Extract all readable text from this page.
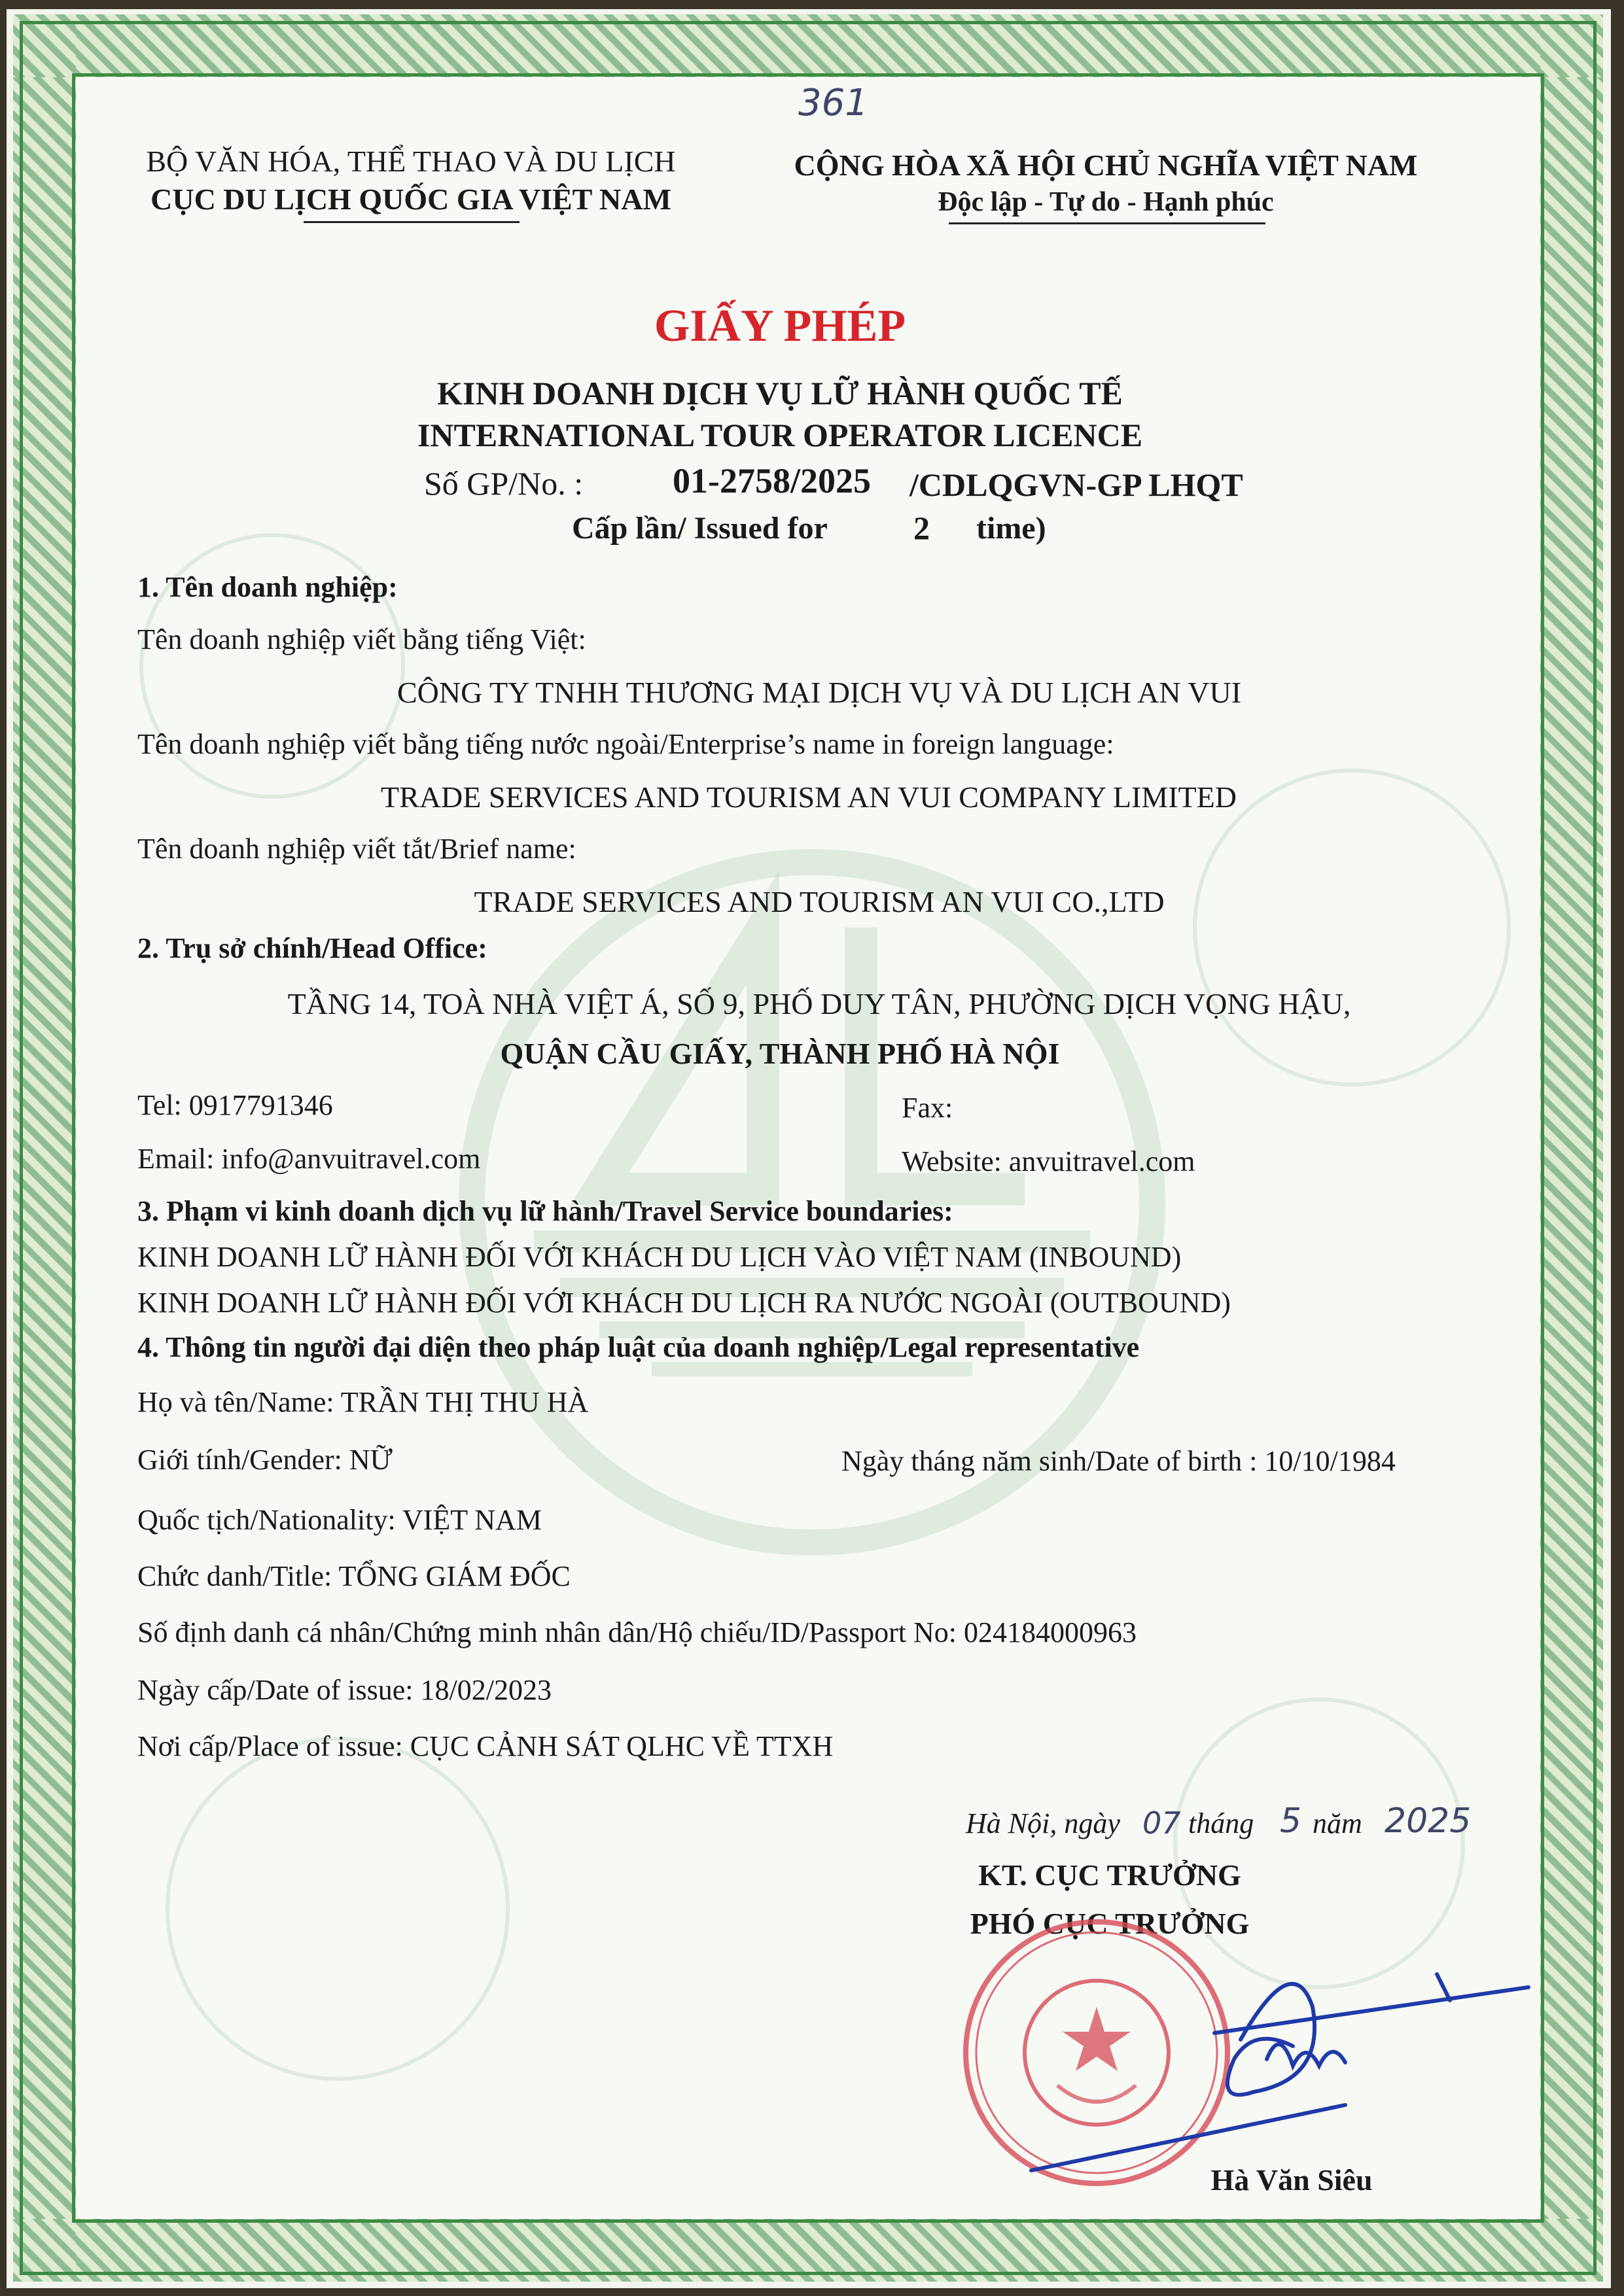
361
BỘ VĂN HÓA, THỂ THAO VÀ DU LỊCH
CỤC DU LỊCH QUỐC GIA VIỆT NAM
CỘNG HÒA XÃ HỘI CHỦ NGHĨA VIỆT NAM
Độc lập - Tự do - Hạnh phúc
GIẤY PHÉP
KINH DOANH DỊCH VỤ LỮ HÀNH QUỐC TẾ
INTERNATIONAL TOUR OPERATOR LICENCE
Số GP/No. :	01-2758/2025 /CDLQGVN-GP LHQT
Cấp lần/ Issued for	2 time)
1. Tên doanh nghiệp:
Tên doanh nghiệp viết bằng tiếng Việt:
CÔNG TY TNHH THƯƠNG MẠI DỊCH VỤ VÀ DU LỊCH AN VUI
Tên doanh nghiệp viết bằng tiếng nước ngoài/Enterprise’s name in foreign language:
TRADE SERVICES AND TOURISM AN VUI COMPANY LIMITED
Tên doanh nghiệp viết tắt/Brief name:
TRADE SERVICES AND TOURISM AN VUI CO.,LTD
2. Trụ sở chính/Head Office:
TẦNG 14, TOÀ NHÀ VIỆT Á, SỐ 9, PHỐ DUY TÂN, PHƯỜNG DỊCH VỌNG HẬU,
QUẬN CẦU GIẤY, THÀNH PHỐ HÀ NỘI
Tel: 0917791346	Fax:
Email: info@anvuitravel.com	Website: anvuitravel.com
3. Phạm vi kinh doanh dịch vụ lữ hành/Travel Service boundaries:
KINH DOANH LỮ HÀNH ĐỐI VỚI KHÁCH DU LỊCH VÀO VIỆT NAM (INBOUND)
KINH DOANH LỮ HÀNH ĐỐI VỚI KHÁCH DU LỊCH RA NƯỚC NGOÀI (OUTBOUND)
4. Thông tin người đại diện theo pháp luật của doanh nghiệp/Legal representative
Họ và tên/Name: TRẦN THỊ THU HÀ
Giới tính/Gender: NỮ	Ngày tháng năm sinh/Date of birth : 10/10/1984
Quốc tịch/Nationality: VIỆT NAM
Chức danh/Title: TỔNG GIÁM ĐỐC
Số định danh cá nhân/Chứng minh nhân dân/Hộ chiếu/ID/Passport No: 024184000963
Ngày cấp/Date of issue: 18/02/2023
Nơi cấp/Place of issue: CỤC CẢNH SÁT QLHC VỀ TTXH
Hà Nội, ngày 07 tháng 5 năm 2025
KT. CỤC TRƯỞNG
PHÓ CỤC TRƯỞNG
Hà Văn Siêu
